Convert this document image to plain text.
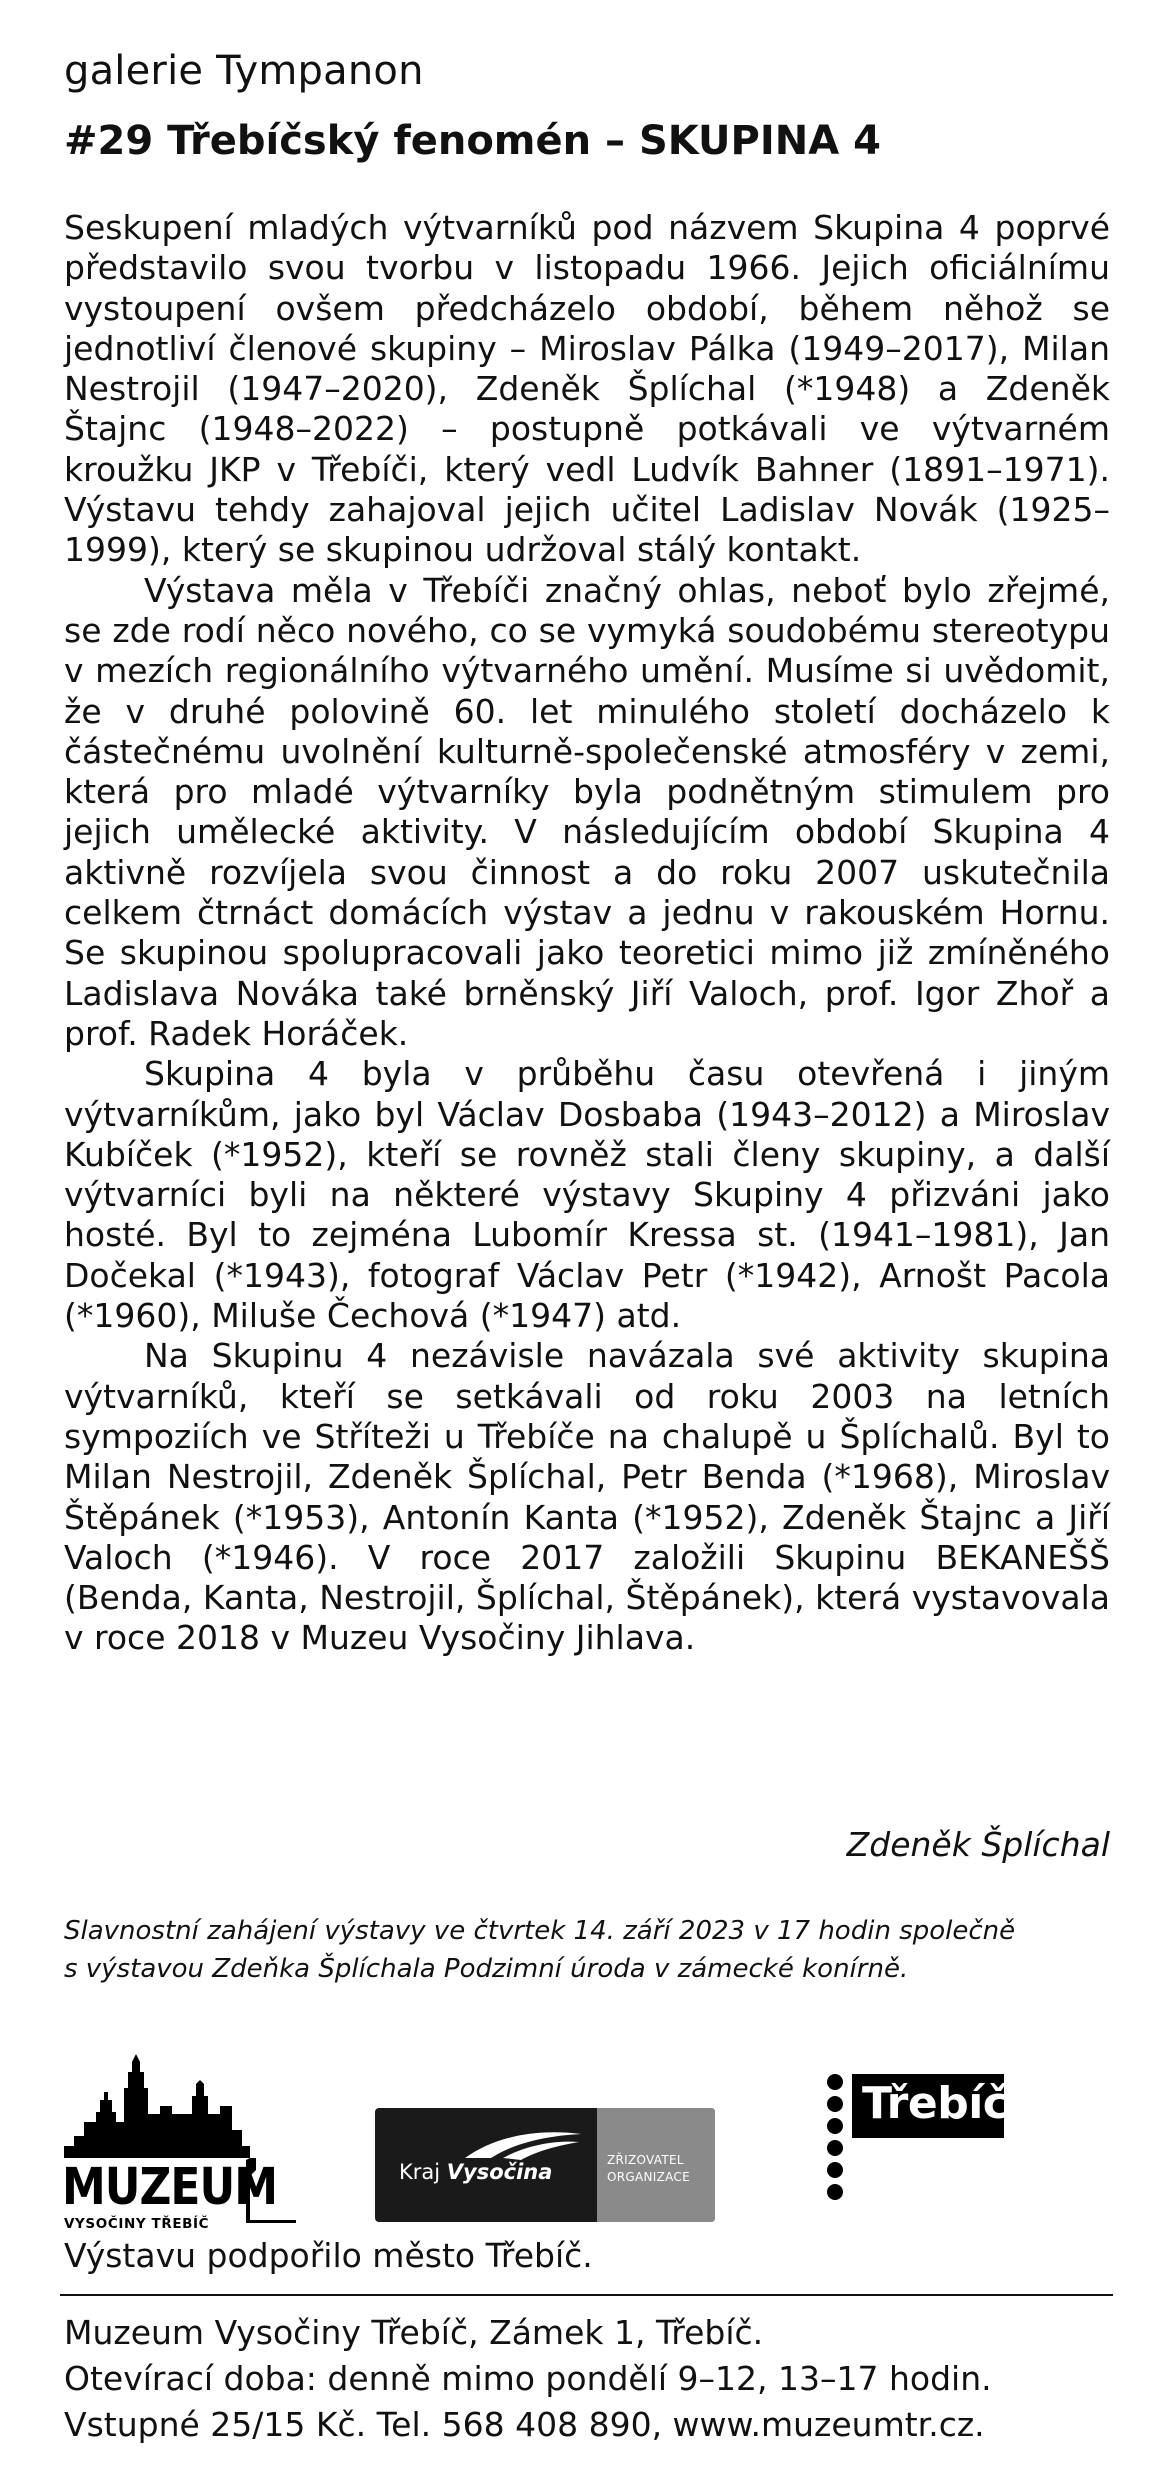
galerie Tympanon
#29 Třebíčský fenomén – SKUPINA 4

Seskupení mladých výtvarníků pod názvem Skupina 4 poprvé představilo svou tvorbu v listopadu 1966. Jejich oficiálnímu vystoupení ovšem předcházelo období, během něhož se jednotliví členové skupiny – Miroslav Pálka (1949–2017), Milan Nestrojil (1947–2020), Zdeněk Šplíchal (*1948) a Zdeněk Štajnc (1948–2022) – postupně potkávali ve výtvarném kroužku JKP v Třebíči, který vedl Ludvík Bahner (1891–1971). Výstavu tehdy zahajoval jejich učitel Ladislav Novák (1925–1999), který se skupinou udržoval stálý kontakt.

Výstava měla v Třebíči značný ohlas, neboť bylo zřejmé, se zde rodí něco nového, co se vymyká soudobému stereotypu v mezích regionálního výtvarného umění. Musíme si uvědomit, že v druhé polovině 60. let minulého století docházelo k částečnému uvolnění kulturně-společenské atmosféry v zemi, která pro mladé výtvarníky byla podnětným stimulem pro jejich umělecké aktivity. V následujícím období Skupina 4 aktivně rozvíjela svou činnost a do roku 2007 uskutečnila celkem čtrnáct domácích výstav a jednu v rakouském Hornu. Se skupinou spolupracovali jako teoretici mimo již zmíněného Ladislava Nováka také brněnský Jiří Valoch, prof. Igor Zhoř a prof. Radek Horáček.

Skupina 4 byla v průběhu času otevřená i jiným výtvarníkům, jako byl Václav Dosbaba (1943–2012) a Miroslav Kubíček (*1952), kteří se rovněž stali členy skupiny, a další výtvarníci byli na některé výstavy Skupiny 4 přizváni jako hosté. Byl to zejména Lubomír Kressa st. (1941–1981), Jan Dočekal (*1943), fotograf Václav Petr (*1942), Arnošt Pacola (*1960), Miluše Čechová (*1947) atd.

Na Skupinu 4 nezávisle navázala své aktivity skupina výtvarníků, kteří se setkávali od roku 2003 na letních sympoziích ve Stříteži u Třebíče na chalupě u Šplíchalů. Byl to Milan Nestrojil, Zdeněk Šplíchal, Petr Benda (*1968), Miroslav Štěpánek (*1953), Antonín Kanta (*1952), Zdeněk Štajnc a Jiří Valoch (*1946). V roce 2017 založili Skupinu BEKANEŠŠ (Benda, Kanta, Nestrojil, Šplíchal, Štěpánek), která vystavovala v roce 2018 v Muzeu Vysočiny Jihlava.

Zdeněk Šplíchal

Slavnostní zahájení výstavy ve čtvrtek 14. září 2023 v 17 hodin společně

s výstavou Zdeňka Šplíchala Podzimní úroda v zámecké konírně.

MUZEUM
VYSOČINY TŘEBÍČ
Kraj Vysočina	ZŘIZOVATEL
ORGANIZACE
Třebíč
Výstavu podpořilo město Třebíč.

Muzeum Vysočiny Třebíč, Zámek 1, Třebíč.

Otevírací doba: denně mimo pondělí 9–12, 13–17 hodin.

Vstupné 25/15 Kč. Tel. 568 408 890, www.muzeumtr.cz.
